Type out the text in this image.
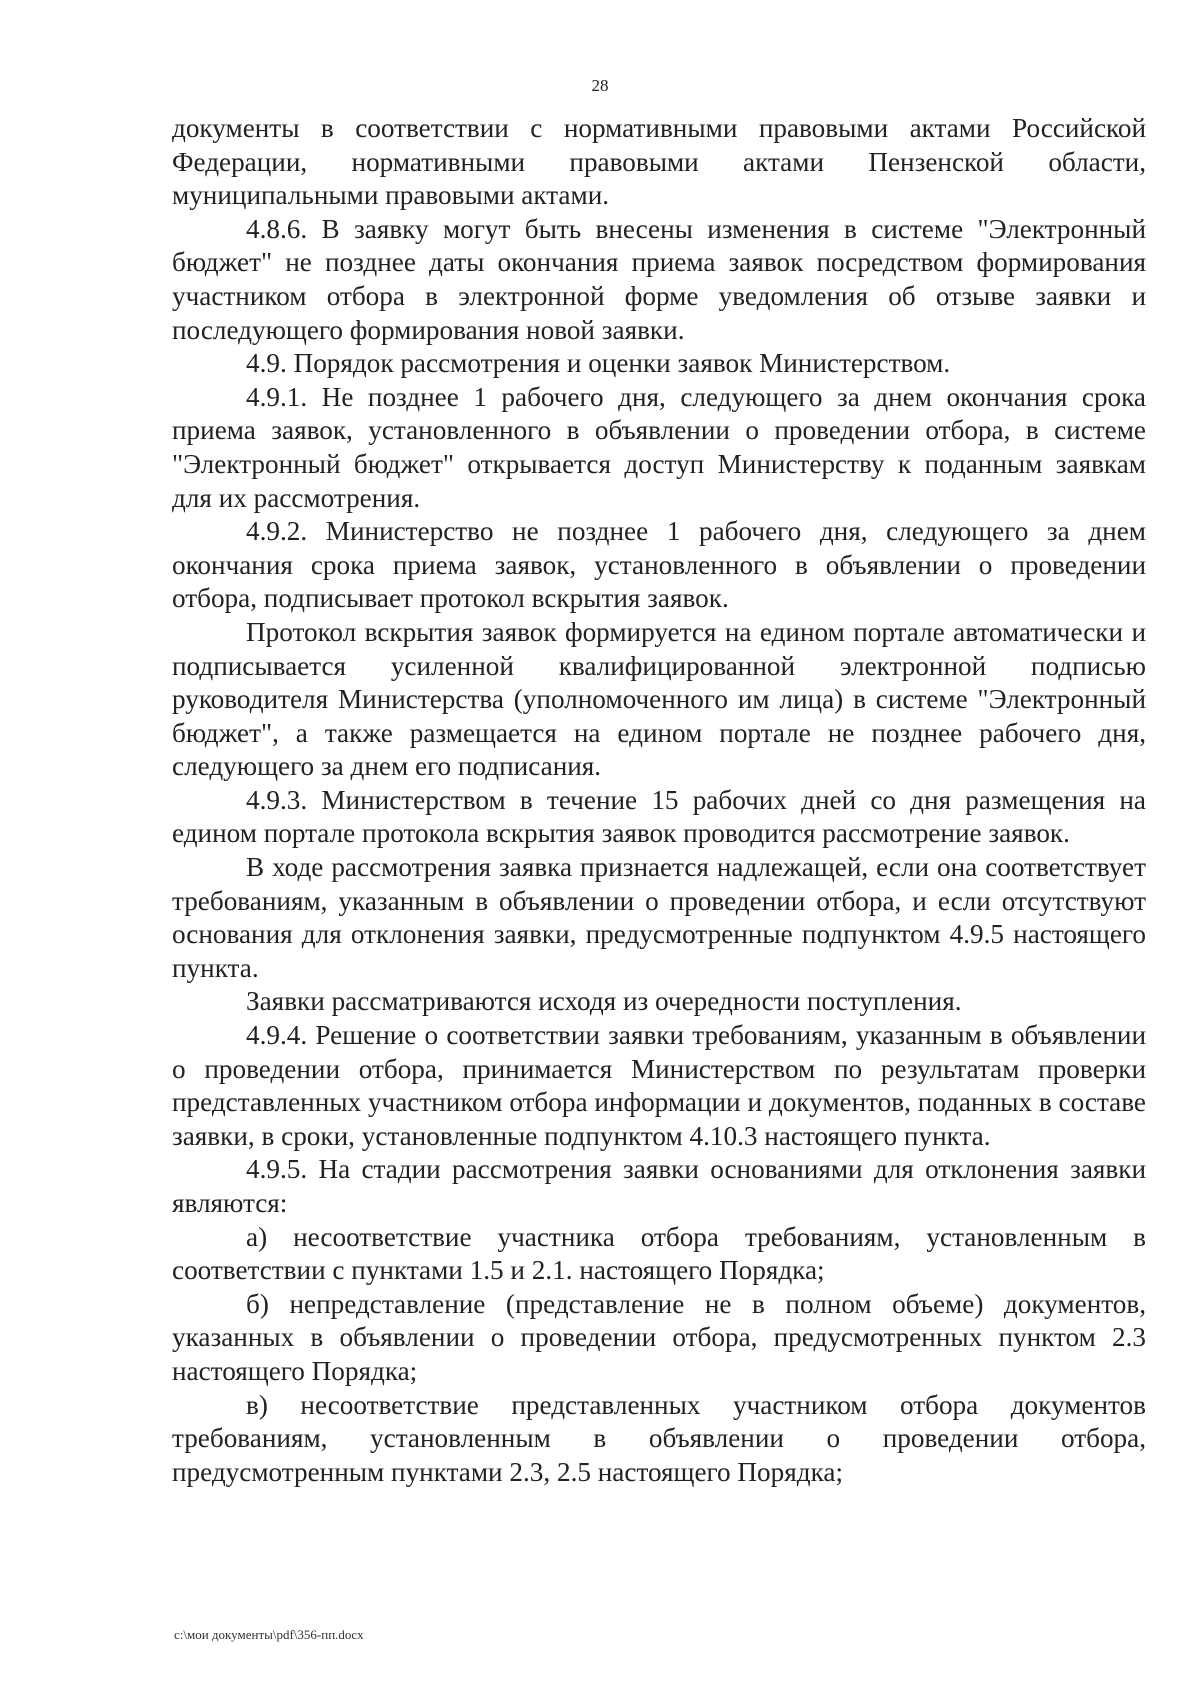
28

документы в соответствии с нормативными правовыми актами Российской Федерации, нормативными правовыми актами Пензенской области, муниципальными правовыми актами.

4.8.6. В заявку могут быть внесены изменения в системе "Электронный бюджет" не позднее даты окончания приема заявок посредством формирования участником отбора в электронной форме уведомления об отзыве заявки и последующего формирования новой заявки.

4.9. Порядок рассмотрения и оценки заявок Министерством.

4.9.1. Не позднее 1 рабочего дня, следующего за днем окончания срока приема заявок, установленного в объявлении о проведении отбора, в системе "Электронный бюджет" открывается доступ Министерству к поданным заявкам для их рассмотрения.

4.9.2. Министерство не позднее 1 рабочего дня, следующего за днем окончания срока приема заявок, установленного в объявлении о проведении отбора, подписывает протокол вскрытия заявок.

Протокол вскрытия заявок формируется на едином портале автоматически и подписывается усиленной квалифицированной электронной подписью руководителя Министерства (уполномоченного им лица) в системе "Электронный бюджет", а также размещается на едином портале не позднее рабочего дня, следующего за днем его подписания.

4.9.3. Министерством в течение 15 рабочих дней со дня размещения на едином портале протокола вскрытия заявок проводится рассмотрение заявок.

В ходе рассмотрения заявка признается надлежащей, если она соответствует требованиям, указанным в объявлении о проведении отбора, и если отсутствуют основания для отклонения заявки, предусмотренные подпунктом 4.9.5 настоящего пункта.

Заявки рассматриваются исходя из очередности поступления.

4.9.4. Решение о соответствии заявки требованиям, указанным в объявлении о проведении отбора, принимается Министерством по результатам проверки представленных участником отбора информации и документов, поданных в составе заявки, в сроки, установленные подпунктом 4.10.3 настоящего пункта.

4.9.5. На стадии рассмотрения заявки основаниями для отклонения заявки являются:

а) несоответствие участника отбора требованиям, установленным в соответствии с пунктами 1.5 и 2.1. настоящего Порядка;

б) непредставление (представление не в полном объеме) документов, указанных в объявлении о проведении отбора, предусмотренных пунктом 2.3 настоящего Порядка;

в) несоответствие представленных участником отбора документов требованиям, установленным в объявлении о проведении отбора, предусмотренным пунктами 2.3, 2.5 настоящего Порядка;

c:\мои документы\pdf\356-пп.docx
